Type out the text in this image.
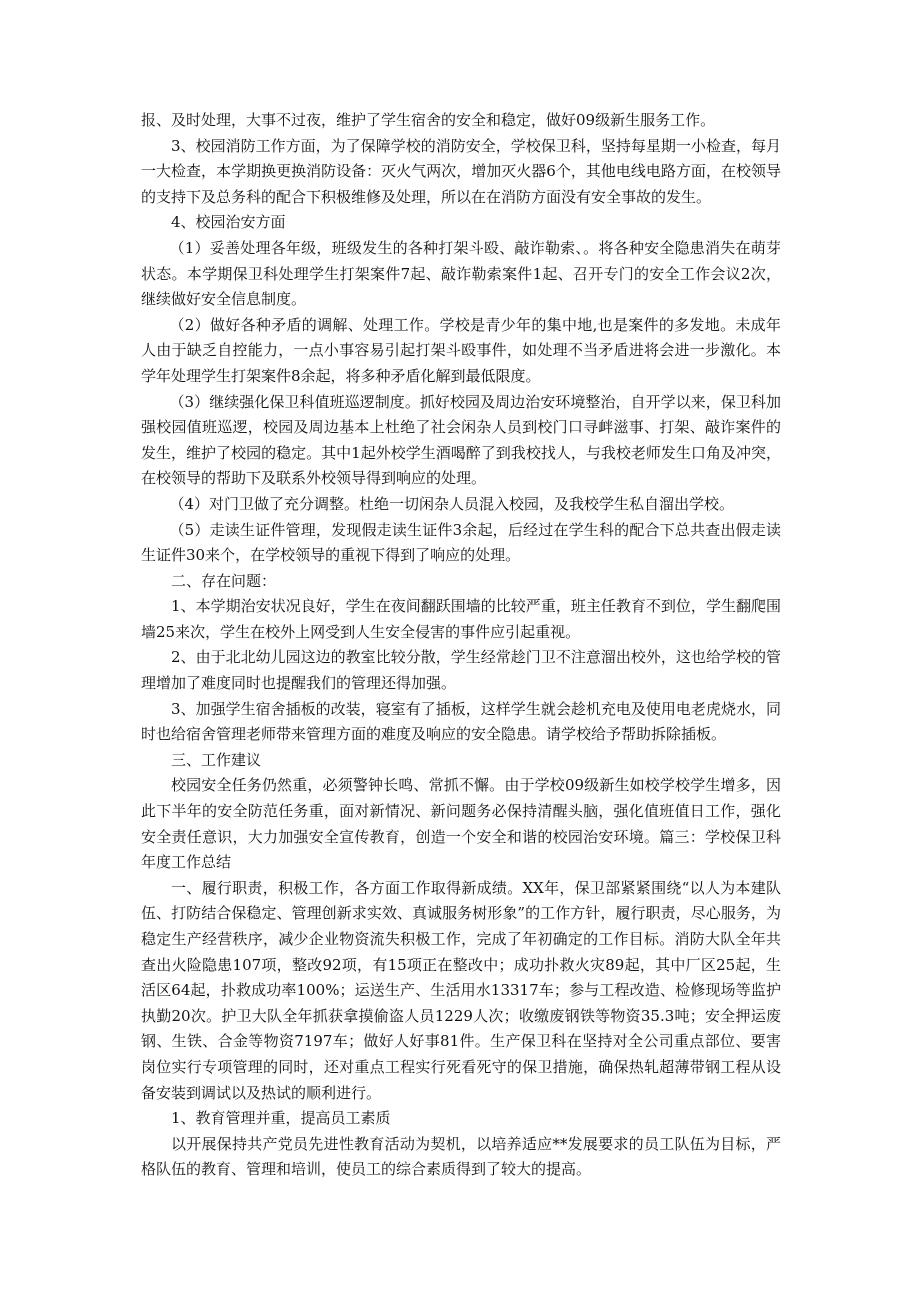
报、及时处理，大事不过夜，维护了学生宿舍的安全和稳定，做好09级新生服务工作。

3、校园消防工作方面，为了保障学校的消防安全，学校保卫科，坚持每星期一小检查，每月一大检查，本学期换更换消防设备：灭火气两次，增加灭火器6个，其他电线电路方面，在校领导的支持下及总务科的配合下积极维修及处理，所以在在消防方面没有安全事故的发生。

4、校园治安方面

（1）妥善处理各年级，班级发生的各种打架斗殴、敲诈勒索、。将各种安全隐患消失在萌芽状态。本学期保卫科处理学生打架案件7起、敲诈勒索案件1起、召开专门的安全工作会议2次，继续做好安全信息制度。

（2）做好各种矛盾的调解、处理工作。学校是青少年的集中地,也是案件的多发地。未成年人由于缺乏自控能力，一点小事容易引起打架斗殴事件，如处理不当矛盾进将会进一步激化。本学年处理学生打架案件8余起，将多种矛盾化解到最低限度。

（3）继续强化保卫科值班巡逻制度。抓好校园及周边治安环境整治，自开学以来，保卫科加强校园值班巡逻，校园及周边基本上杜绝了社会闲杂人员到校门口寻衅滋事、打架、敲诈案件的发生，维护了校园的稳定。其中1起外校学生酒喝醉了到我校找人，与我校老师发生口角及冲突，在校领导的帮助下及联系外校领导得到响应的处理。

（4）对门卫做了充分调整。杜绝一切闲杂人员混入校园，及我校学生私自溜出学校。

（5）走读生证件管理，发现假走读生证件3余起，后经过在学生科的配合下总共查出假走读生证件30来个，在学校领导的重视下得到了响应的处理。

二、存在问题：

1、本学期治安状况良好，学生在夜间翻跃围墙的比较严重，班主任教育不到位，学生翻爬围墙25来次，学生在校外上网受到人生安全侵害的事件应引起重视。

2、由于北北幼儿园这边的教室比较分散，学生经常趁门卫不注意溜出校外，这也给学校的管理增加了难度同时也提醒我们的管理还得加强。

3、加强学生宿舍插板的改装，寝室有了插板，这样学生就会趁机充电及使用电老虎烧水，同时也给宿舍管理老师带来管理方面的难度及响应的安全隐患。请学校给予帮助拆除插板。

三、工作建议

校园安全任务仍然重，必须警钟长鸣、常抓不懈。由于学校09级新生如校学校学生增多，因此下半年的安全防范任务重，面对新情况、新问题务必保持清醒头脑，强化值班值日工作，强化安全责任意识，大力加强安全宣传教育，创造一个安全和谐的校园治安环境。篇三：学校保卫科年度工作总结

一、履行职责，积极工作，各方面工作取得新成绩。XX年，保卫部紧紧围绕“以人为本建队伍、打防结合保稳定、管理创新求实效、真诚服务树形象”的工作方针，履行职责，尽心服务，为稳定生产经营秩序，减少企业物资流失积极工作，完成了年初确定的工作目标。消防大队全年共查出火险隐患107项，整改92项，有15项正在整改中；成功扑救火灾89起，其中厂区25起，生活区64起，扑救成功率100%；运送生产、生活用水13317车；参与工程改造、检修现场等监护执勤20次。护卫大队全年抓获拿摸偷盗人员1229人次；收缴废钢铁等物资35.3吨；安全押运废钢、生铁、合金等物资7197车；做好人好事81件。生产保卫科在坚持对全公司重点部位、要害岗位实行专项管理的同时，还对重点工程实行死看死守的保卫措施，确保热轧超薄带钢工程从设备安装到调试以及热试的顺利进行。

1、教育管理并重，提高员工素质

以开展保持共产党员先进性教育活动为契机，以培养适应**发展要求的员工队伍为目标，严格队伍的教育、管理和培训，使员工的综合素质得到了较大的提高。
